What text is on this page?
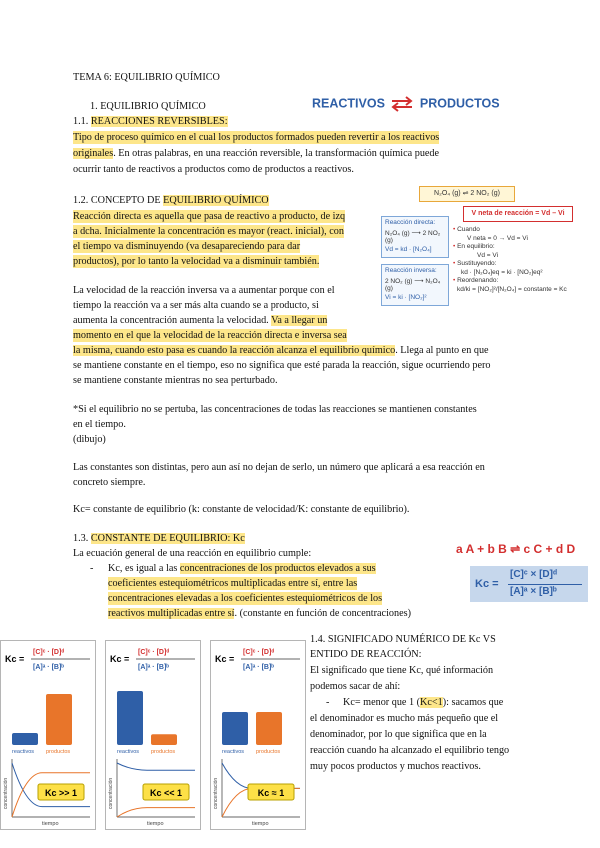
TEMA 6: EQUILIBRIO QUÍMICO
1. EQUILIBRIO QUÍMICO	REACTIVOS ⇌ PRODUCTOS
1.1. REACCIONES REVERSIBLES:
Tipo de proceso químico en el cual los productos formados pueden revertir a los reactivos
originales. En otras palabras, en una reacción reversible, la transformación química puede
ocurrir tanto de reactivos a productos como de productos a reactivos.
1.2. CONCEPTO DE EQUILIBRIO QUÍMICO
Reacción directa es aquella que pasa de reactivo a producto, de izq
a dcha. Inicialmente la concentración es mayor (react. inicial), con
el tiempo va disminuyendo (va desapareciendo para dar
productos), por lo tanto la velocidad va a disminuir también.
La velocidad de la reacción inversa va a aumentar porque con el
tiempo la reacción va a ser más alta cuando se a producto, si
aumenta la concentración aumenta la velocidad. Va a llegar un
momento en el que la velocidad de la reacción directa e inversa sea
la misma, cuando esto pasa es cuando la reacción alcanza el equilibrio químico. Llega al punto en que
se mantiene constante en el tiempo, eso no significa que esté parada la reacción, sigue ocurriendo pero
se mantiene constante mientras no sea perturbado.
*Si el equilibrio no se pertuba, las concentraciones de todas las reacciones se mantienen constantes
en el tiempo.
(dibujo)
Las constantes son distintas, pero aun así no dejan de serlo, un número que aplicará a esa reacción en
concreto siempre.
Kc= constante de equilibrio (k: constante de velocidad/K: constante de equilibrio).
N₂O₄ (g) ⇌ 2 NO₂ (g)
V neta de reacción = Vd – Vi
Reacción directa:
N₂O₄ (g) ⟶ 2 NO₂ (g)
Vd = kd · [N₂O₄]
Reacción inversa:
2 NO₂ (g) ⟶ N₂O₄ (g)
Vi = ki · [NO₂]²
• Cuando
V neta = 0 → Vd = Vi
• En equilibrio:
Vd = Vi
• Sustituyendo:
kd · [N₂O₄]eq = ki · [NO₂]eq²
• Reordenando:
kd/ki = [NO₂]²/[N₂O₄] = constante = Kc
1.3. CONSTANTE DE EQUILIBRIO: Kc
La ecuación general de una reacción en equilibrio cumple:
- Kc, es igual a las concentraciones de los productos elevados a sus
coeficientes estequiométricos multiplicadas entre sí, entre las
concentraciones elevadas a los coeficientes estequiométricos de los
reactivos multiplicadas entre sí. (constante en función de concentraciones)
a A + b B ⇌ c C + d D
Kc =
[C]ᶜ × [D]ᵈ
[A]ᵃ × [B]ᵇ
1.4. SIGNIFICADO NUMÉRICO DE Kc VS
ENTIDO DE REACCIÓN:
El significado que tiene Kc, qué información
podemos sacar de ahí:
- Kc= menor que 1 (Kc<1): sacamos que
el denominador es mucho más pequeño que el
denominador, por lo que significa que en la
reacción cuando ha alcanzado el equilibrio tengo
muy pocos productos y muchos reactivos.
Kc =
[C]ᶜ · [D]ᵈ
[A]ᵃ · [B]ᵇ
reactivos productos
tiempo
concentración	Kc >> 1
Kc =
[C]ᶜ · [D]ᵈ
[A]ᵃ · [B]ᵇ
reactivos productos
tiempo
concentración	Kc << 1
Kc =
[C]ᶜ · [D]ᵈ
[A]ᵃ · [B]ᵇ
reactivos productos
tiempo
concentración	Kc ≈ 1
